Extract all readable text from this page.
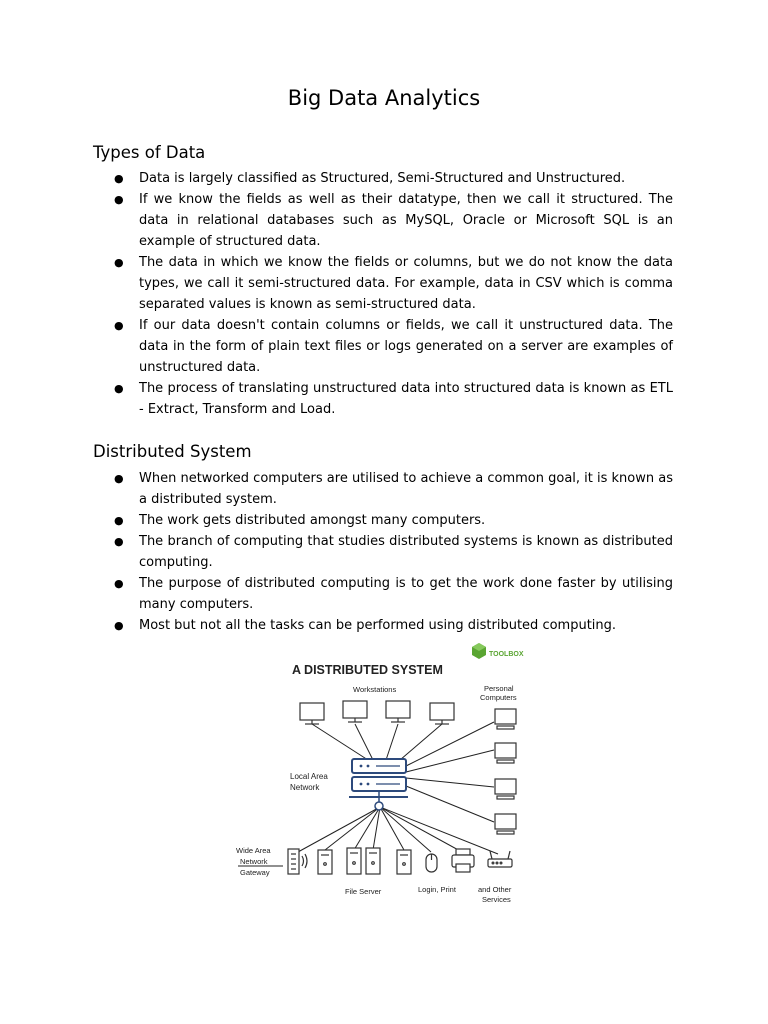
Big Data Analytics
Types of Data
● Data is largely classified as Structured, Semi-Structured and Unstructured.
● If we know the fields as well as their datatype, then we call it structured. The data in relational databases such as MySQL, Oracle or Microsoft SQL is an example of structured data.
● The data in which we know the fields or columns, but we do not know the data types, we call it semi-structured data. For example, data in CSV which is comma separated values is known as semi-structured data.
● If our data doesn't contain columns or fields, we call it unstructured data. The data in the form of plain text files or logs generated on a server are examples of unstructured data.
● The process of translating unstructured data into structured data is known as ETL - Extract, Transform and Load.
Distributed System
● When networked computers are utilised to achieve a common goal, it is known as a distributed system.
● The work gets distributed amongst many computers.
● The branch of computing that studies distributed systems is known as distributed computing.
● The purpose of distributed computing is to get the work done faster by utilising many computers.
● Most but not all the tasks can be performed using distributed computing.
TOOLBOX
A DISTRIBUTED SYSTEM
Workstations	Personal
Computers
Local Area
Network
Wide Area
Network
Gateway
File Server	Login, Print	and Other
Services
